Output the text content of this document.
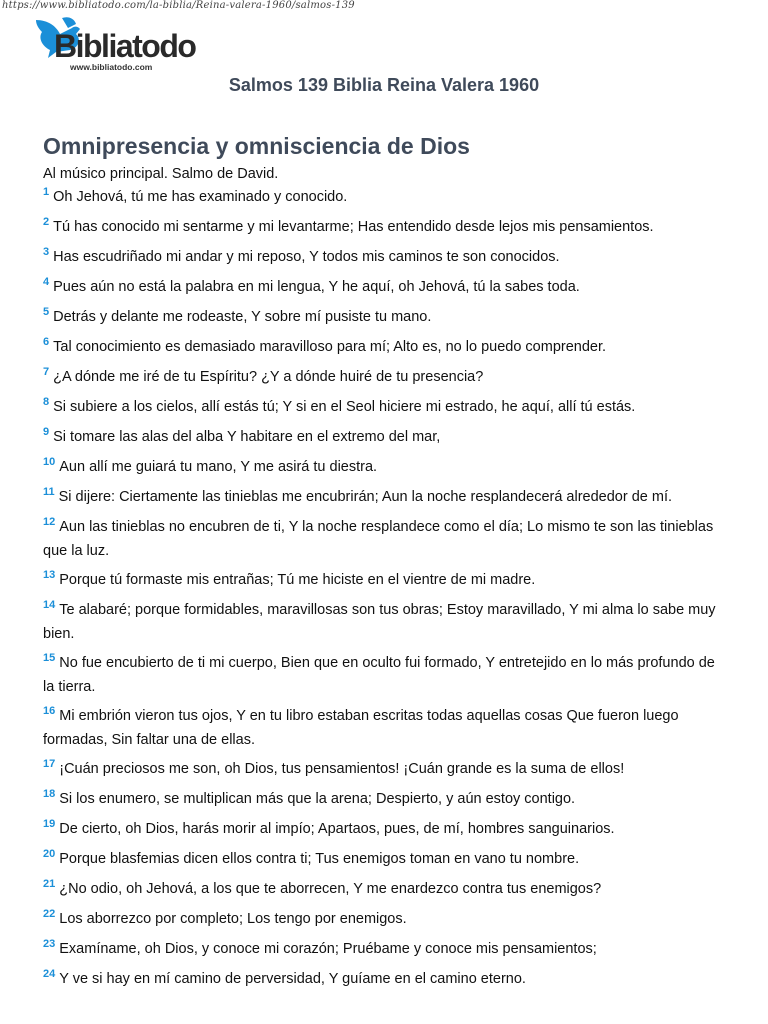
https://www.bibliatodo.com/la-biblia/Reina-valera-1960/salmos-139
Bibliatodo
www.bibliatodo.com
Salmos 139 Biblia Reina Valera 1960
Omnipresencia y omnisciencia de Dios
Al músico principal. Salmo de David.

$^1$ Oh Jehová, tú me has examinado y conocido.

$^2$ Tú has conocido mi sentarme y mi levantarme; Has entendido desde lejos mis pensamientos.

$^3$ Has escudriñado mi andar y mi reposo, Y todos mis caminos te son conocidos.

$^4$ Pues aún no está la palabra en mi lengua, Y he aquí, oh Jehová, tú la sabes toda.

$^5$ Detrás y delante me rodeaste, Y sobre mí pusiste tu mano.

$^6$ Tal conocimiento es demasiado maravilloso para mí; Alto es, no lo puedo comprender.

$^7$ ¿A dónde me iré de tu Espíritu? ¿Y a dónde huiré de tu presencia?

$^8$ Si subiere a los cielos, allí estás tú; Y si en el Seol hiciere mi estrado, he aquí, allí tú estás.

$^9$ Si tomare las alas del alba Y habitare en el extremo del mar,

$^{10}$ Aun allí me guiará tu mano, Y me asirá tu diestra.

$^{11}$ Si dijere: Ciertamente las tinieblas me encubrirán; Aun la noche resplandecerá alrededor de mí.

$^{12}$ Aun las tinieblas no encubren de ti, Y la noche resplandece como el día; Lo mismo te son las tinieblas que la luz.

$^{13}$ Porque tú formaste mis entrañas; Tú me hiciste en el vientre de mi madre.

$^{14}$ Te alabaré; porque formidables, maravillosas son tus obras; Estoy maravillado, Y mi alma lo sabe muy bien.

$^{15}$ No fue encubierto de ti mi cuerpo, Bien que en oculto fui formado, Y entretejido en lo más profundo de la tierra.

$^{16}$ Mi embrión vieron tus ojos, Y en tu libro estaban escritas todas aquellas cosas Que fueron luego formadas, Sin faltar una de ellas.

$^{17}$ ¡Cuán preciosos me son, oh Dios, tus pensamientos! ¡Cuán grande es la suma de ellos!

$^{18}$ Si los enumero, se multiplican más que la arena; Despierto, y aún estoy contigo.

$^{19}$ De cierto, oh Dios, harás morir al impío; Apartaos, pues, de mí, hombres sanguinarios.

$^{20}$ Porque blasfemias dicen ellos contra ti; Tus enemigos toman en vano tu nombre.

$^{21}$ ¿No odio, oh Jehová, a los que te aborrecen, Y me enardezco contra tus enemigos?

$^{22}$ Los aborrezco por completo; Los tengo por enemigos.

$^{23}$ Examíname, oh Dios, y conoce mi corazón; Pruébame y conoce mis pensamientos;

$^{24}$ Y ve si hay en mí camino de perversidad, Y guíame en el camino eterno.
